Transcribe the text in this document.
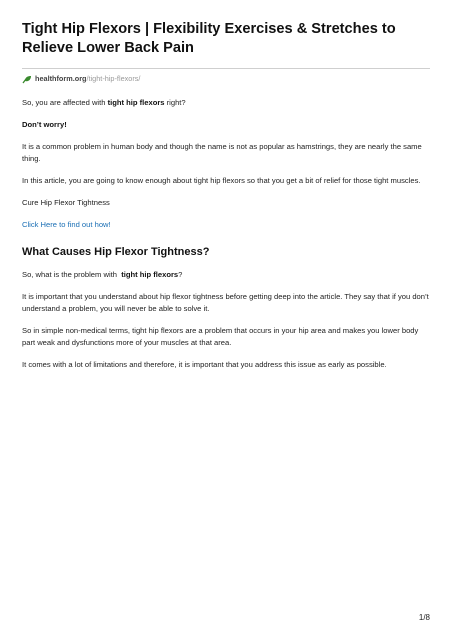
Tight Hip Flexors | Flexibility Exercises & Stretches to Relieve Lower Back Pain
healthform.org/tight-hip-flexors/

So, you are affected with tight hip flexors right?

Don’t worry!

It is a common problem in human body and though the name is not as popular as hamstrings, they are nearly the same thing.

In this article, you are going to know enough about tight hip flexors so that you get a bit of relief for those tight muscles.

Cure Hip Flexor Tightness

Click Here to find out how!

What Causes Hip Flexor Tightness?

So, what is the problem with  tight hip flexors?

It is important that you understand about hip flexor tightness before getting deep into the article. They say that if you don’t understand a problem, you will never be able to solve it.

So in simple non-medical terms, tight hip flexors are a problem that occurs in your hip area and makes you lower body part weak and dysfunctions more of your muscles at that area.

It comes with a lot of limitations and therefore, it is important that you address this issue as early as possible.

1/8
